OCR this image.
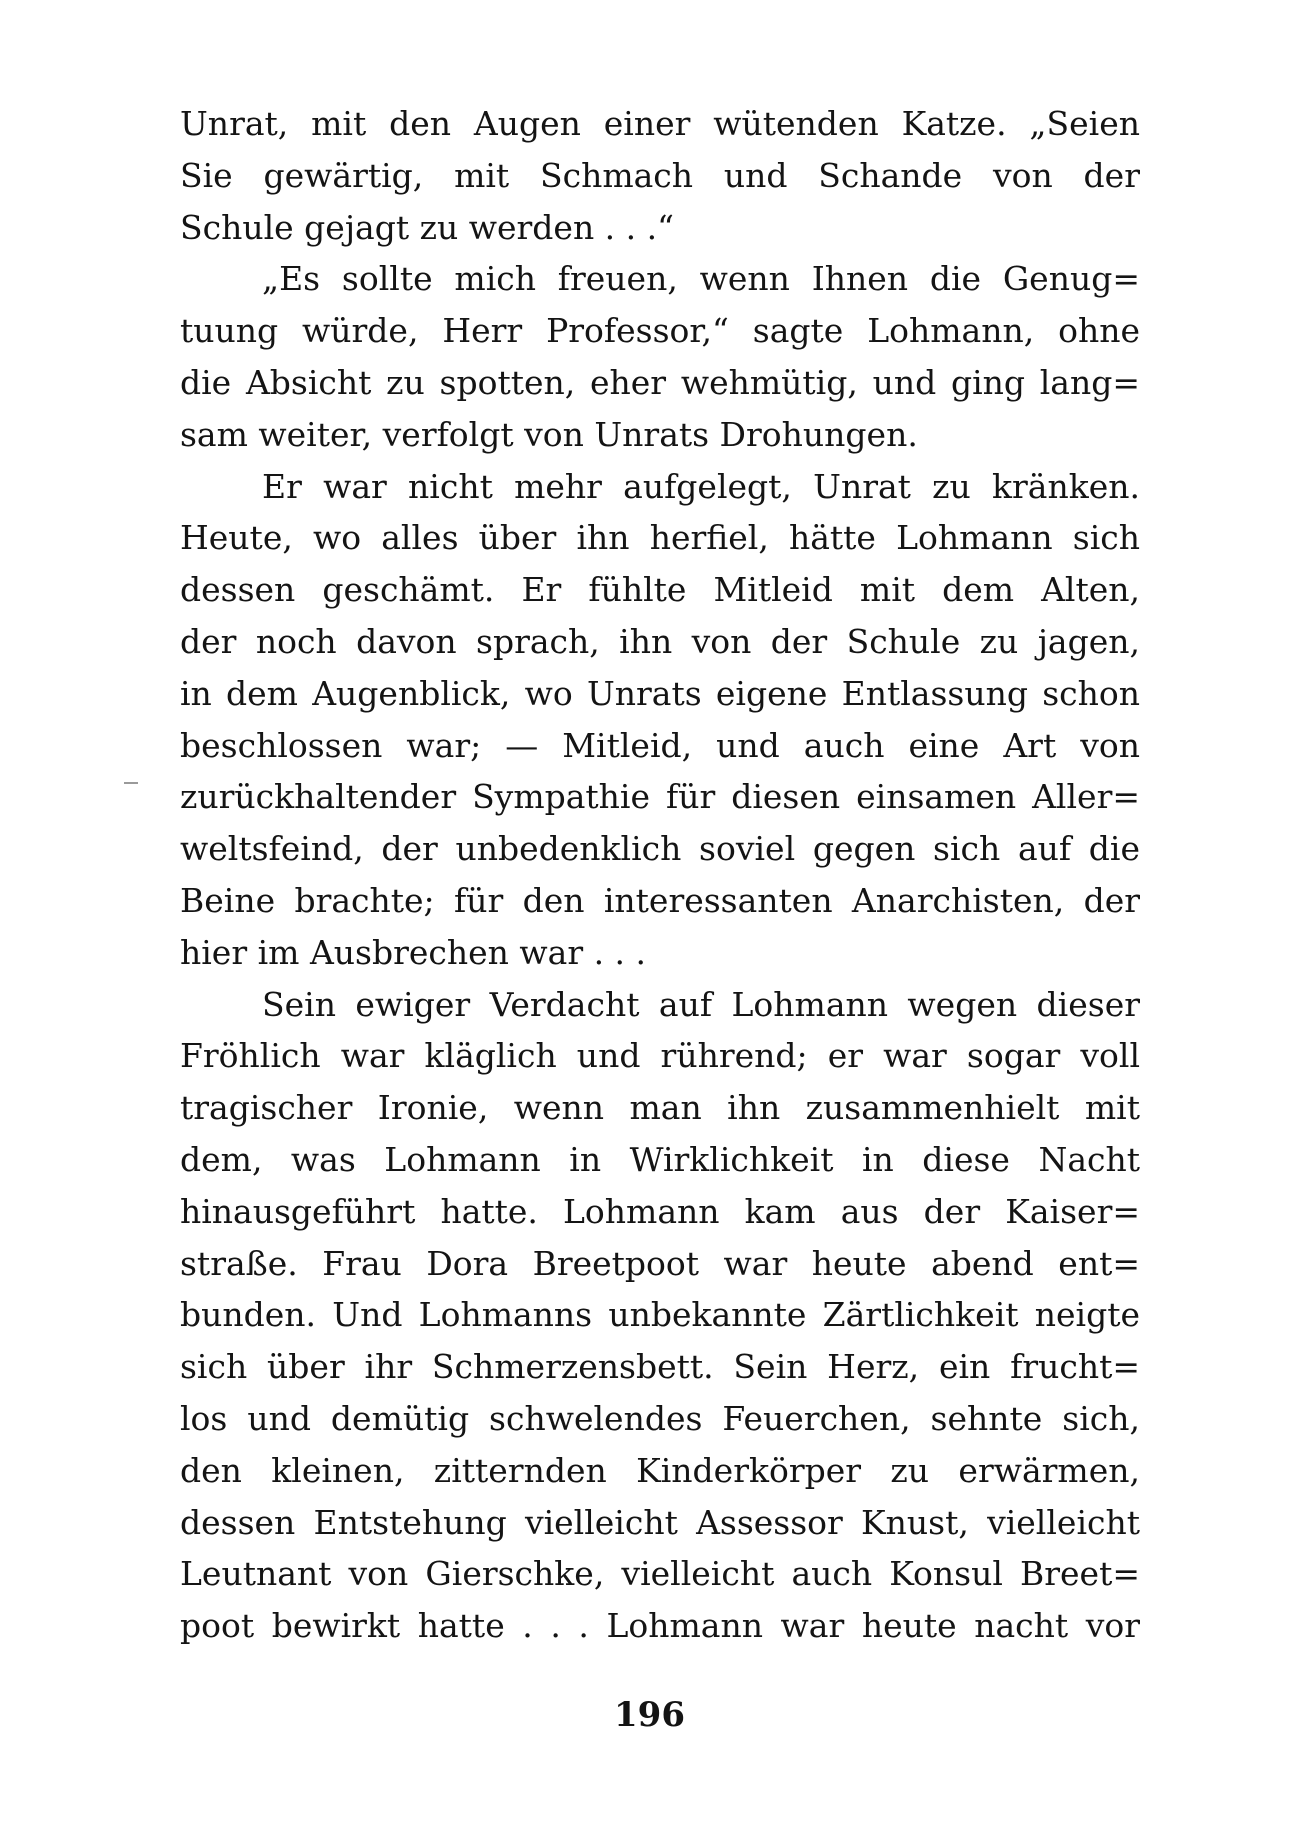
Unrat, mit den Augen einer wütenden Katze. „Seien
Sie gewärtig, mit Schmach und Schande von der
Schule gejagt zu werden . . .“
„Es sollte mich freuen, wenn Ihnen die Genug=
tuung würde, Herr Professor,“ sagte Lohmann, ohne
die Absicht zu spotten, eher wehmütig, und ging lang=
sam weiter, verfolgt von Unrats Drohungen.
Er war nicht mehr aufgelegt, Unrat zu kränken.
Heute, wo alles über ihn herfiel, hätte Lohmann sich
dessen geschämt. Er fühlte Mitleid mit dem Alten,
der noch davon sprach, ihn von der Schule zu jagen,
in dem Augenblick, wo Unrats eigene Entlassung schon
beschlossen war; — Mitleid, und auch eine Art von
zurückhaltender Sympathie für diesen einsamen Aller=
weltsfeind, der unbedenklich soviel gegen sich auf die
Beine brachte; für den interessanten Anarchisten, der
hier im Ausbrechen war . . .
Sein ewiger Verdacht auf Lohmann wegen dieser
Fröhlich war kläglich und rührend; er war sogar voll
tragischer Ironie, wenn man ihn zusammenhielt mit
dem, was Lohmann in Wirklichkeit in diese Nacht
hinausgeführt hatte. Lohmann kam aus der Kaiser=
straße. Frau Dora Breetpoot war heute abend ent=
bunden. Und Lohmanns unbekannte Zärtlichkeit neigte
sich über ihr Schmerzensbett. Sein Herz, ein frucht=
los und demütig schwelendes Feuerchen, sehnte sich,
den kleinen, zitternden Kinderkörper zu erwärmen,
dessen Entstehung vielleicht Assessor Knust, vielleicht
Leutnant von Gierschke, vielleicht auch Konsul Breet=
poot bewirkt hatte . . . Lohmann war heute nacht vor
196
